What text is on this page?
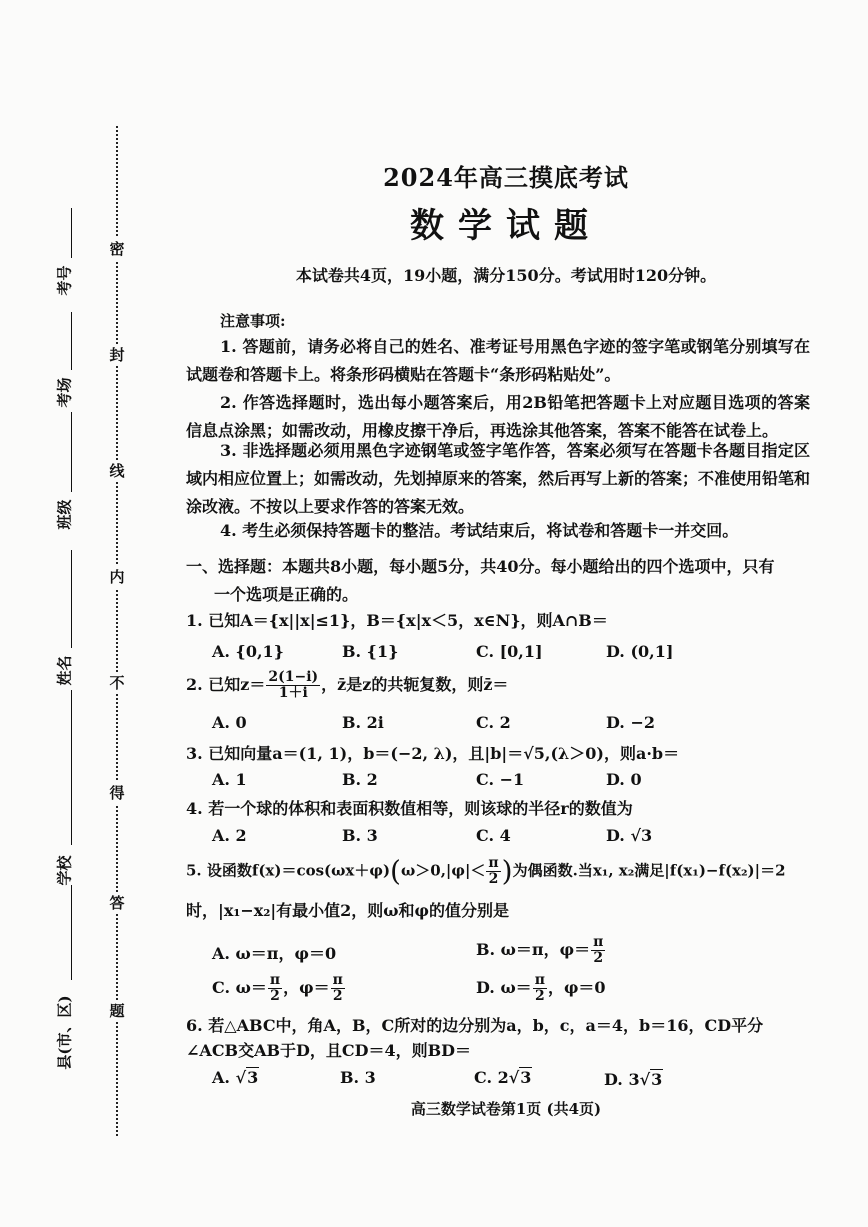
密
封
线
内
不
得
答
题
考号
考场
班级
姓名
学校
县(市、区)
2024年高三摸底考试
数学试题
本试卷共4页，19小题，满分150分。考试用时120分钟。
注意事项:
1. 答题前，请务必将自己的姓名、准考证号用黑色字迹的签字笔或钢笔分别填写在试题卷和答题卡上。将条形码横贴在答题卡“条形码粘贴处”。
2. 作答选择题时，选出每小题答案后，用2B铅笔把答题卡上对应题目选项的答案信息点涂黑；如需改动，用橡皮擦干净后，再选涂其他答案，答案不能答在试卷上。
3. 非选择题必须用黑色字迹钢笔或签字笔作答，答案必须写在答题卡各题目指定区域内相应位置上；如需改动，先划掉原来的答案，然后再写上新的答案；不准使用铅笔和涂改液。不按以上要求作答的答案无效。
4. 考生必须保持答题卡的整洁。考试结束后，将试卷和答题卡一并交回。
一、选择题：本题共8小题，每小题5分，共40分。每小题给出的四个选项中，只有
一个选项是正确的。
1. 已知A＝{x||x|≤1}，B＝{x|x＜5，x∈N}，则A∩B＝
A. {0,1}	B. {1}	C. [0,1]	D. (0,1]
2. 已知$z= \frac{2(1-i)}{1+i}$ ，z̄是z的共轭复数，则z̄＝
A. 0	B. 2i	C. 2	D. −2
3. 已知向量a＝(1, 1)，b＝(−2, λ)，且|b|＝√5,(λ＞0)，则a·b＝
A. 1	B. 2	C. −1	D. 0
4. 若一个球的体积和表面积数值相等，则该球的半径r的数值为
A. 2	B. 3	C. 4	D. √3
5. 设函数$f(x)=\cos(\omega x+\varphi)(\omega>0,|\varphi|< \frac{\pi}{2}$ )为偶函数.当x₁, x₂满足|f(x₁)−f(x₂)|＝2
时，|x₁−x₂|有最小值2，则ω和φ的值分别是
A. ω＝π，φ＝0	B. ω＝π，$\varphi= \frac{\pi}{2}$
C. $\omega= \frac{\pi}{2}$ ，$\varphi= \frac{\pi}{2}$	D. $\omega= \frac{\pi}{2}$ ，φ＝0
6. 若△ABC中，角A，B，C所对的边分别为a，b，c，a＝4，b＝16，CD平分
∠ACB交AB于D，且CD＝4，则BD＝
A. √3	B. 3	C. 2√3	D. 3√3
高三数学试卷第1页 (共4页)
